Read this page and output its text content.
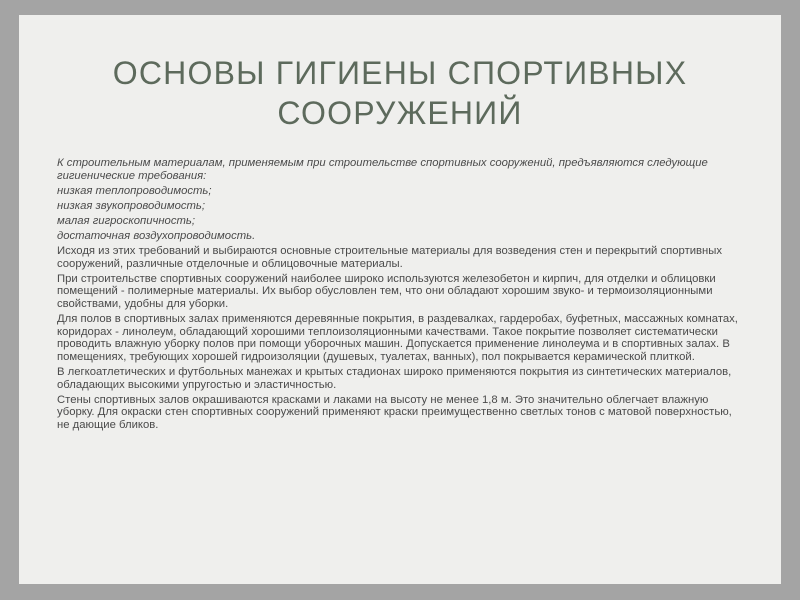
ОСНОВЫ ГИГИЕНЫ СПОРТИВНЫХ СООРУЖЕНИЙ

К строительным материалам, применяемым при строительстве спортивных сооружений, предъявляются следующие гигиенические требования:

низкая теплопроводимость;

низкая звукопроводимость;

малая гигроскопичность;

достаточная воздухопроводимость.

Исходя из этих требований и выбираются основные строительные материалы для возведения стен и перекрытий спортивных сооружений, различные отделочные и облицовочные материалы.

При строительстве спортивных сооружений наиболее широко используются железобетон и кирпич, для отделки и облицовки помещений - полимерные материалы. Их выбор обусловлен тем, что они обладают хорошим звуко- и термоизоляционными свойствами, удобны для уборки.

Для полов в спортивных залах применяются деревянные покрытия, в раздевалках, гардеробах, буфетных, массажных комнатах, коридорах - линолеум, обладающий хорошими теплоизоляционными качествами. Такое покрытие позволяет систематически проводить влажную уборку полов при помощи уборочных машин. Допускается применение линолеума и в спортивных залах. В помещениях, требующих хорошей гидроизоляции (душевых, туалетах, ванных), пол покрывается керамической плиткой.

В легкоатлетических и футбольных манежах и крытых стадионах широко применяются покрытия из синтетических материалов, обладающих высокими упругостью и эластичностью.

Стены спортивных залов окрашиваются красками и лаками на высоту не менее 1,8 м. Это значительно облегчает влажную уборку. Для окраски стен спортивных сооружений применяют краски преимущественно светлых тонов с матовой поверхностью, не дающие бликов.
